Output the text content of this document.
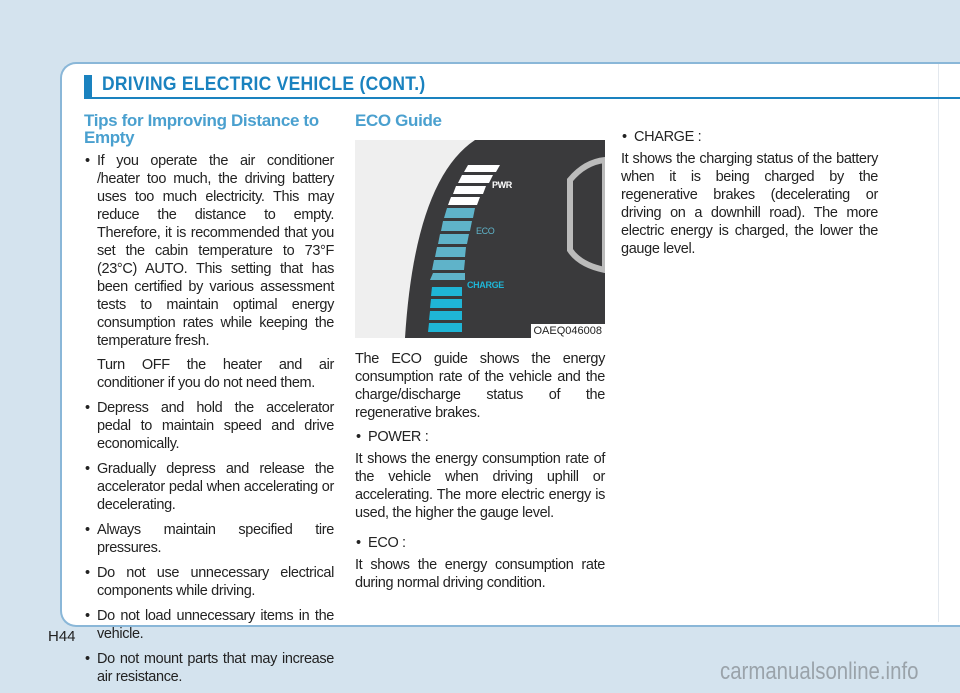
DRIVING ELECTRIC VEHICLE (CONT.)
Tips for Improving Distance to Empty
• If you operate the air conditioner /heater too much, the driving battery uses too much electricity. This may reduce the distance to empty. Therefore, it is recommended that you set the cabin temperature to 73°F (23°C) AUTO. This setting that has been certified by various assessment tests to maintain optimal energy consumption rates while keeping the temperature fresh.
Turn OFF the heater and air conditioner if you do not need them.
• Depress and hold the accelerator pedal to maintain speed and drive economically.
• Gradually depress and release the accelerator pedal when accelerating or decelerating.
• Always maintain specified tire pressures.
• Do not use unnecessary electrical components while driving.
• Do not load unnecessary items in the vehicle.
• Do not mount parts that may increase air resistance.
ECO Guide
PWR
ECO
CHARGE
OAEQ046008

The ECO guide shows the energy consumption rate of the vehicle and the charge/discharge status of the regenerative brakes.

• POWER :

It shows the energy consumption rate of the vehicle when driving uphill or accelerating. The more electric energy is used, the higher the gauge level.

• ECO :

It shows the energy consumption rate during normal driving condition.

• CHARGE :

It shows the charging status of the battery when it is being charged by the regenerative brakes (decelerating or driving on a downhill road). The more electric energy is charged, the lower the gauge level.

H44
carmanualsonline.info
